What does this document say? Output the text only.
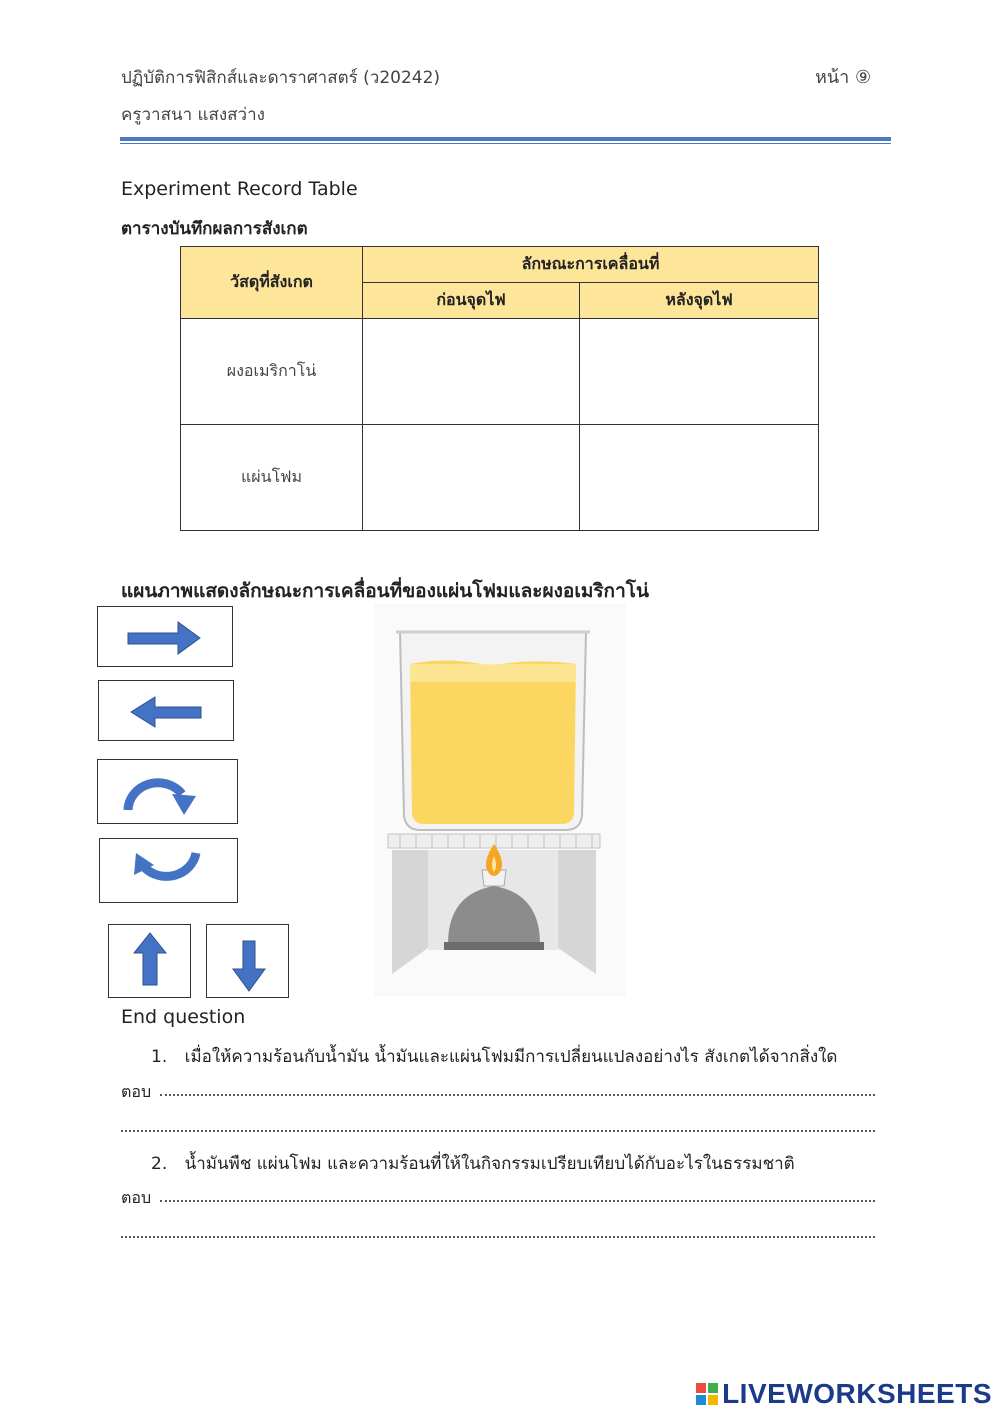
ปฏิบัติการฟิสิกส์และดาราศาสตร์ (ว20242)
ครูวาสนา แสงสว่าง
หน้า ⑨
Experiment Record Table
ตารางบันทึกผลการสังเกต
วัสดุที่สังเกต	ลักษณะการเคลื่อนที่	
	ก่อนจุดไฟ	หลังจุดไฟ
ผงอเมริกาโน่		
แผ่นโฟม		
แผนภาพแสดงลักษณะการเคลื่อนที่ของแผ่นโฟมและผงอเมริกาโน่
End question
1. เมื่อให้ความร้อนกับน้ำมัน น้ำมันและแผ่นโฟมมีการเปลี่ยนแปลงอย่างไร สังเกตได้จากสิ่งใด
ตอบ
2. น้ำมันพืช แผ่นโฟม และความร้อนที่ให้ในกิจกรรมเปรียบเทียบได้กับอะไรในธรรมชาติ
ตอบ
LIVEWORKSHEETS
